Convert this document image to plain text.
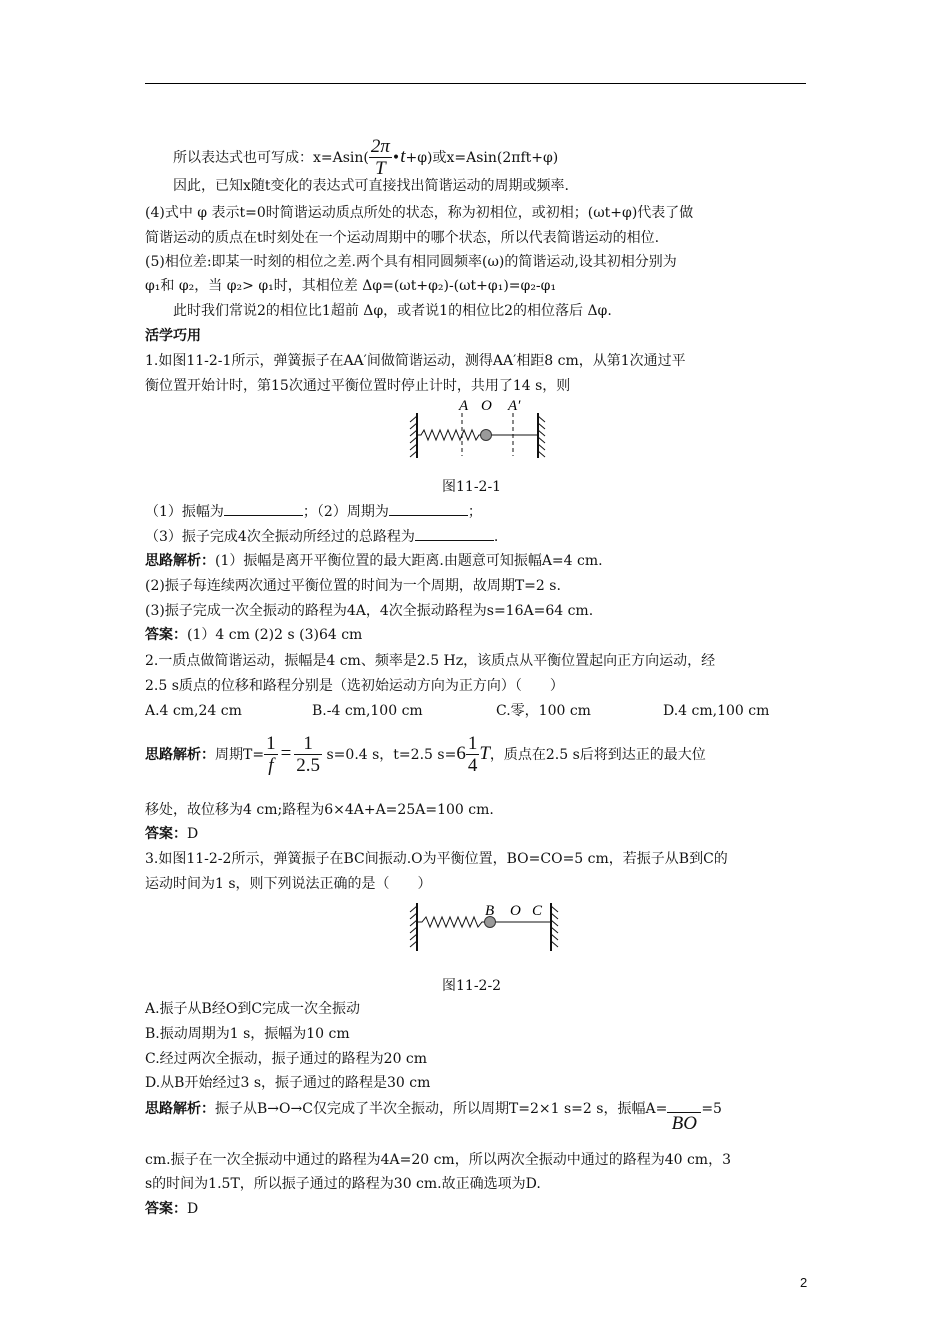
所以表达式也可写成：$x=Asin( \frac{2\pi}{T}$ •t+φ)或x=Asin(2πft+φ)
因此，已知x随t变化的表达式可直接找出简谐运动的周期或频率.
(4)式中 φ 表示t=0时简谐运动质点所处的状态，称为初相位，或初相；(ωt+φ)代表了做
简谐运动的质点在t时刻处在一个运动周期中的哪个状态，所以代表简谐运动的相位.
(5)相位差:即某一时刻的相位之差.两个具有相同圆频率(ω)的简谐运动,设其初相分别为
φ₁和 φ₂，当 φ₂> φ₁时，其相位差 Δφ=(ωt+φ₂)-(ωt+φ₁)=φ₂-φ₁
此时我们常说2的相位比1超前 Δφ，或者说1的相位比2的相位落后 Δφ.
活学巧用
1.如图11-2-1所示，弹簧振子在AA′间做简谐运动，测得AA′相距8 cm，从第1次通过平
衡位置开始计时，第15次通过平衡位置时停止计时，共用了14 s，则
A O A′
图11-2-1
（1）振幅为	；（2）周期为	；
（3）振子完成4次全振动所经过的总路程为	.
思路解析：(1）振幅是离开平衡位置的最大距离.由题意可知振幅A=4 cm.
(2)振子每连续两次通过平衡位置的时间为一个周期，故周期T=2 s.
(3)振子完成一次全振动的路程为4A，4次全振动路程为s=16A=64 cm.
答案：(1）4 cm (2)2 s (3)64 cm
2.一质点做简谐运动，振幅是4 cm、频率是2.5 Hz，该质点从平衡位置起向正方向运动，经
2.5 s质点的位移和路程分别是（选初始运动方向为正方向）（　　）
A.4 cm,24 cm	B.-4 cm,100 cm	C.零，100 cm	D.4 cm,100 cm
思路解析：周期$T= \frac{1}{f} = \frac{1}{2.5} s=0.4$ s，t=2.5 $s=6 \frac{1}{4}$ T，质点在2.5 s后将到达正的最大位
移处，故位移为4 cm;路程为6×4A+A=25A=100 cm.
答案：D
3.如图11-2-2所示，弹簧振子在BC间振动.O为平衡位置，BO=CO=5 cm，若振子从B到C的
运动时间为1 s，则下列说法正确的是（　　）
B O C
图11-2-2
A.振子从B经O到C完成一次全振动
B.振动周期为1 s，振幅为10 cm
C.经过两次全振动，振子通过的路程为20 cm
D.从B开始经过3 s，振子通过的路程是30 cm
思路解析：振子从B→O→C仅完成了半次全振动，所以周期T=2×1 s=2 s，振幅A=
BO
=5
cm.振子在一次全振动中通过的路程为4A=20 cm，所以两次全振动中通过的路程为40 cm，3
s的时间为1.5T，所以振子通过的路程为30 cm.故正确选项为D.
答案：D
2
